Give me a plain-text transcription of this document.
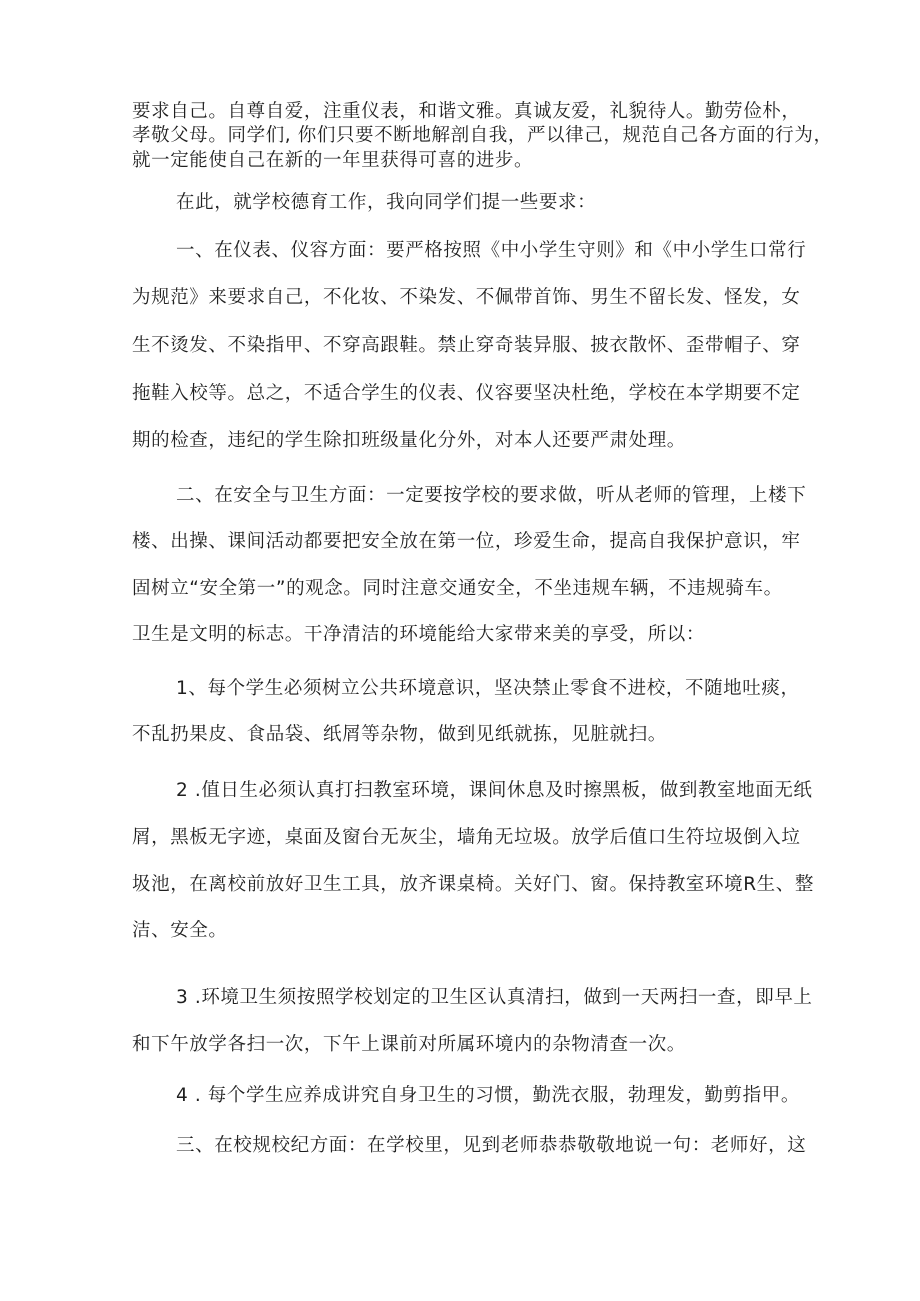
要求自己。自尊自爱，注重仪表，和谐文雅。真诚友爱，礼貌待人。勤劳俭朴，
孝敬父母。同学们, 你们只要不断地解剖自我，严以律己，规范自己各方面的行为，
就一定能使自己在新的一年里获得可喜的进步。
在此，就学校德育工作，我向同学们提一些要求：
一、在仪表、仪容方面：要严格按照《中小学生守则》和《中小学生口常行
为规范》来要求自己，不化妆、不染发、不佩带首饰、男生不留长发、怪发，女
生不烫发、不染指甲、不穿高跟鞋。禁止穿奇装异服、披衣散怀、歪带帽子、穿
拖鞋入校等。总之，不适合学生的仪表、仪容要坚决杜绝，学校在本学期要不定
期的检查，违纪的学生除扣班级量化分外，对本人还要严肃处理。
二、在安全与卫生方面：一定要按学校的要求做，听从老师的管理，上楼下
楼、出操、课间活动都要把安全放在第一位，珍爱生命，提高自我保护意识，牢
固树立“安全第一”的观念。同时注意交通安全，不坐违规车辆，不违规骑车。
卫生是文明的标志。干净清洁的环境能给大家带来美的享受，所以：
1、每个学生必须树立公共环境意识，坚决禁止零食不进校，不随地吐痰，
不乱扔果皮、食品袋、纸屑等杂物，做到见纸就拣，见脏就扫。
2 .值日生必须认真打扫教室环境，课间休息及时擦黑板，做到教室地面无纸
屑，黑板无字迹，桌面及窗台无灰尘，墙角无垃圾。放学后值口生符垃圾倒入垃
圾池，在离校前放好卫生工具，放齐课桌椅。关好门、窗。保持教室环境R生、整
洁、安全。
3 .环境卫生须按照学校划定的卫生区认真清扫，做到一天两扫一查，即早上
和下午放学各扫一次，下午上课前对所属环境内的杂物清查一次。
4 . 每个学生应养成讲究自身卫生的习惯，勤洗衣服，勃理发，勤剪指甲。
三、在校规校纪方面：在学校里，见到老师恭恭敬敬地说一句：老师好，这
